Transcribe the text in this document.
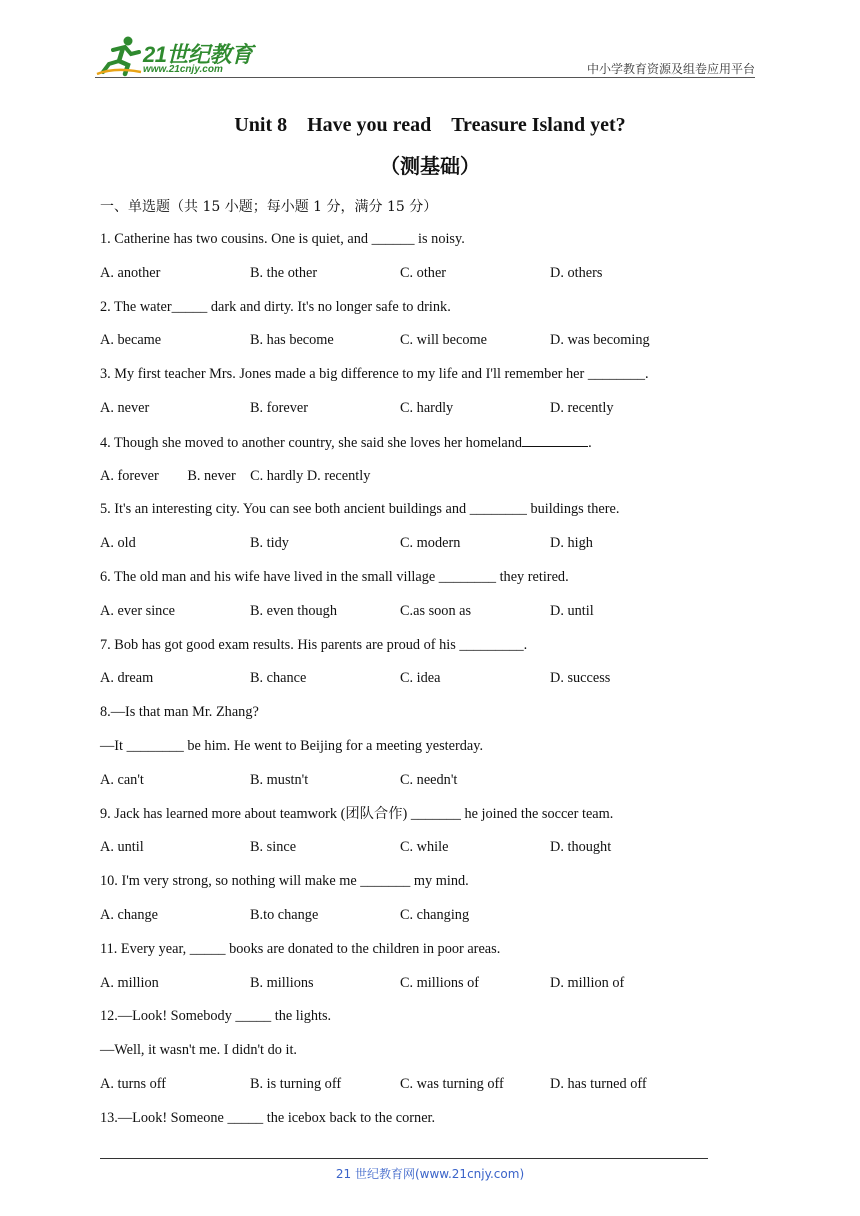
21世纪教育
www.21cnjy.com	中小学教育资源及组卷应用平台
Unit 8　Have you read　Treasure Island yet?
（测基础）
一、单选题（共 15 小题；每小题 1 分，满分 15 分）
1. Catherine has two cousins. One is quiet, and ______ is noisy.
A. another	B. the other	C. other	D. others
2. The water_____ dark and dirty. It's no longer safe to drink.
A. became	B. has become	C. will become	D. was becoming
3. My first teacher Mrs. Jones made a big difference to my life and I'll remember her ________.
A. never	B. forever	C. hardly	D. recently
4. Though she moved to another country, she said she loves her homeland	.
A. forever　　B. never　C. hardly D. recently
5. It's an interesting city. You can see both ancient buildings and ________ buildings there.
A. old	B. tidy	C. modern	D. high
6. The old man and his wife have lived in the small village ________ they retired.
A. ever since	B. even though	C.as soon as	D. until
7. Bob has got good exam results. His parents are proud of his _________.
A. dream	B. chance	C. idea	D. success
8.—Is that man Mr. Zhang?
—It ________ be him. He went to Beijing for a meeting yesterday.
A. can't	B. mustn't	C. needn't
9. Jack has learned more about teamwork (团队合作) _______ he joined the soccer team.
A. until	B. since	C. while	D. thought
10. I'm very strong, so nothing will make me _______ my mind.
A. change	B.to change	C. changing
11. Every year, _____ books are donated to the children in poor areas.
A. million	B. millions	C. millions of	D. million of
12.—Look! Somebody _____ the lights.
—Well, it wasn't me. I didn't do it.
A. turns off	B. is turning off	C. was turning off	D. has turned off
13.—Look! Someone _____ the icebox back to the corner.
21 世纪教育网(www.21cnjy.com)
